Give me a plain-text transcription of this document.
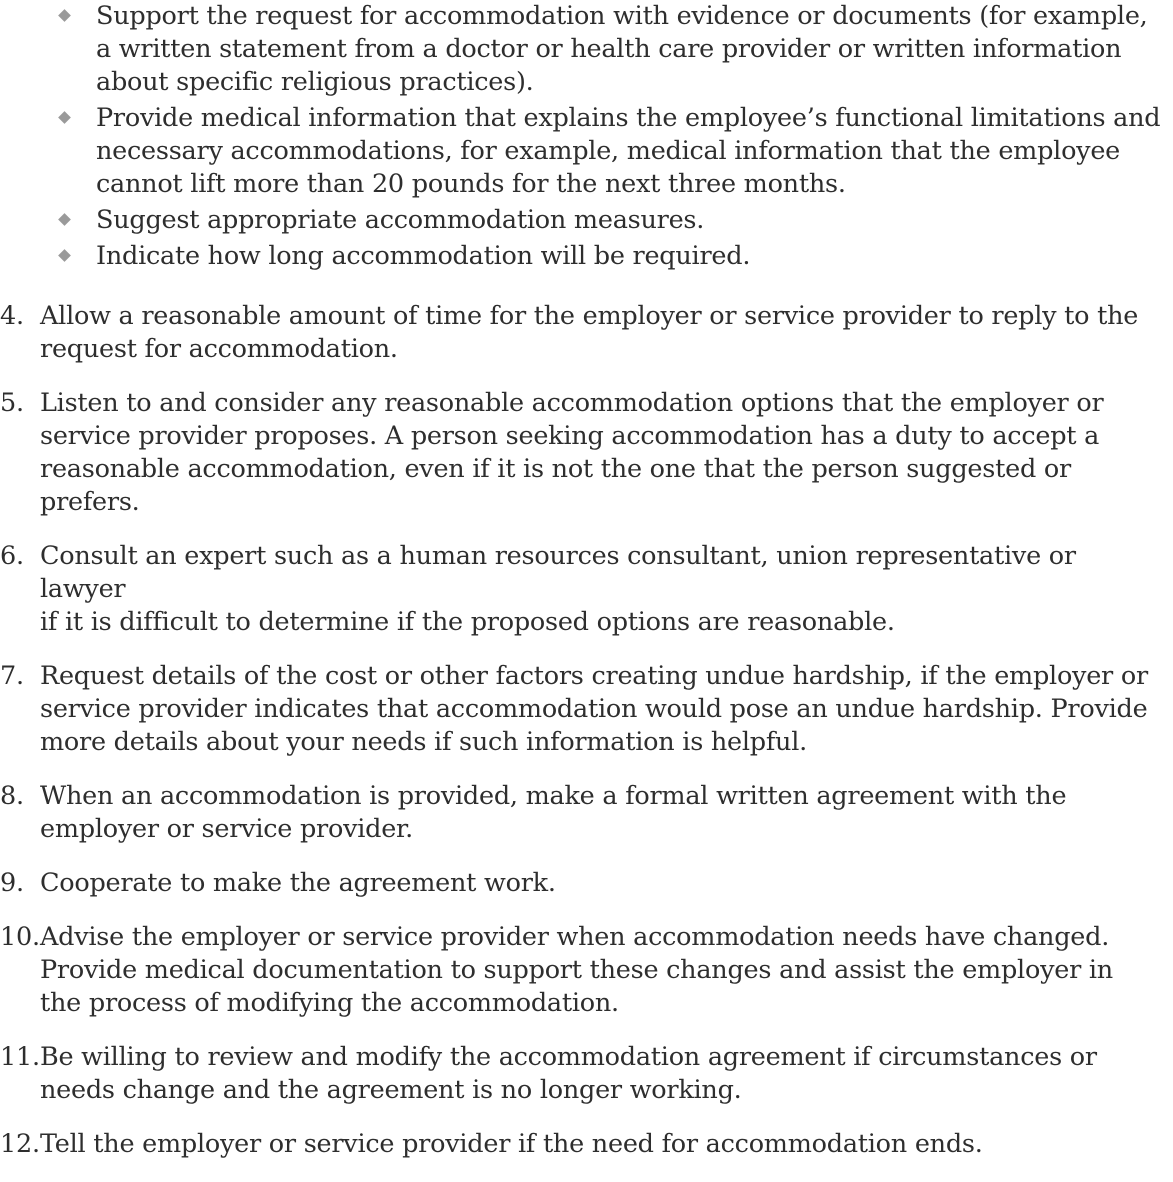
Support the request for accommodation with evidence or documents (for example,
a written statement from a doctor or health care provider or written information
about specific religious practices).
Provide medical information that explains the employee’s functional limitations and
necessary accommodations, for example, medical information that the employee
cannot lift more than 20 pounds for the next three months.
Suggest appropriate accommodation measures.
Indicate how long accommodation will be required.
4. Allow a reasonable amount of time for the employer or service provider to reply to the
request for accommodation.
5. Listen to and consider any reasonable accommodation options that the employer or
service provider proposes. A person seeking accommodation has a duty to accept a
reasonable accommodation, even if it is not the one that the person suggested or prefers.
6. Consult an expert such as a human resources consultant, union representative or lawyer
if it is difficult to determine if the proposed options are reasonable.
7. Request details of the cost or other factors creating undue hardship, if the employer or
service provider indicates that accommodation would pose an undue hardship. Provide
more details about your needs if such information is helpful.
8. When an accommodation is provided, make a formal written agreement with the
employer or service provider.
9. Cooperate to make the agreement work.
10. Advise the employer or service provider when accommodation needs have changed.
Provide medical documentation to support these changes and assist the employer in
the process of modifying the accommodation.
11. Be willing to review and modify the accommodation agreement if circumstances or
needs change and the agreement is no longer working.
12. Tell the employer or service provider if the need for accommodation ends.
